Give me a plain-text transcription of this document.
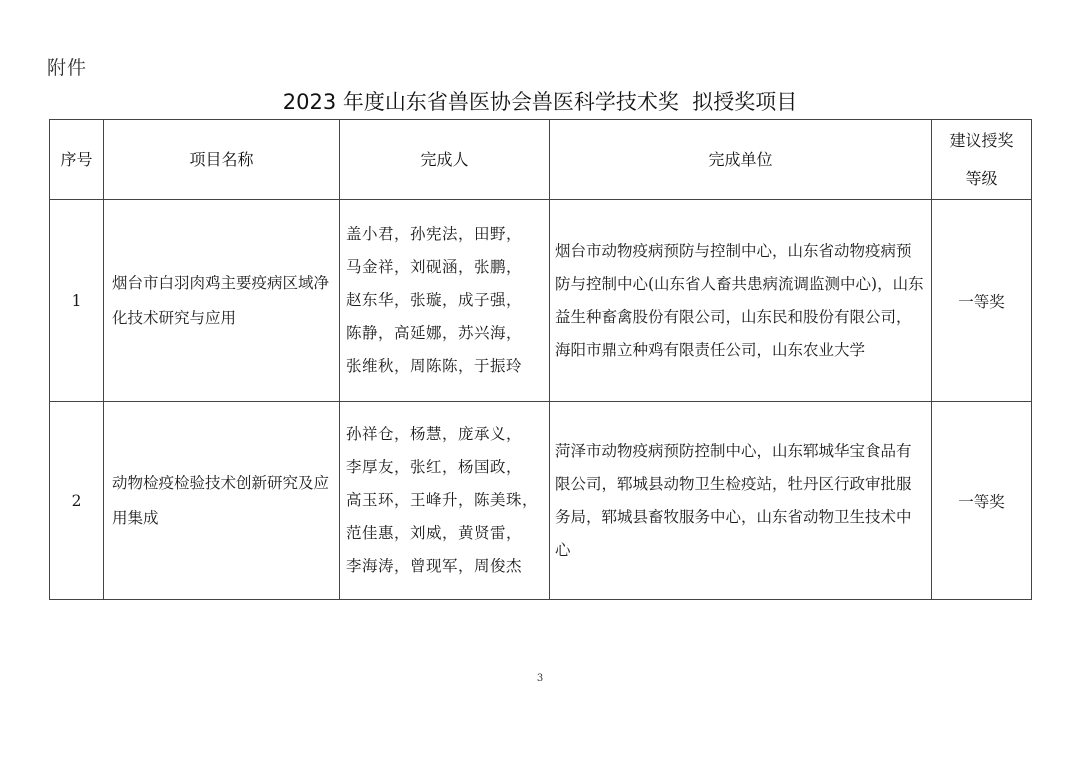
附件
2023 年度山东省兽医协会兽医科学技术奖  拟授奖项目
序号	项目名称	完成人	完成单位	建议授奖
等级

1	烟台市白羽肉鸡主要疫病区域净化技术研究与应用	盖小君，孙宪法，田野，
马金祥，刘砚涵，张鹏，
赵东华，张璇，成子强，
陈静，高延娜，苏兴海，
张维秋，周陈陈，于振玲	烟台市动物疫病预防与控制中心，山东省动物疫病预防与控制中心(山东省人畜共患病流调监测中心)，山东益生种畜禽股份有限公司，山东民和股份有限公司，海阳市鼎立种鸡有限责任公司，山东农业大学	一等奖
2	动物检疫检验技术创新研究及应用集成	孙祥仓，杨慧，庞承义，
李厚友，张红，杨国政，
高玉环，王峰升，陈美珠，
范佳惠，刘威，黄贤雷，
李海涛，曾现军，周俊杰	菏泽市动物疫病预防控制中心，山东郓城华宝食品有限公司，郓城县动物卫生检疫站，牡丹区行政审批服务局，郓城县畜牧服务中心，山东省动物卫生技术中心	一等奖
3
